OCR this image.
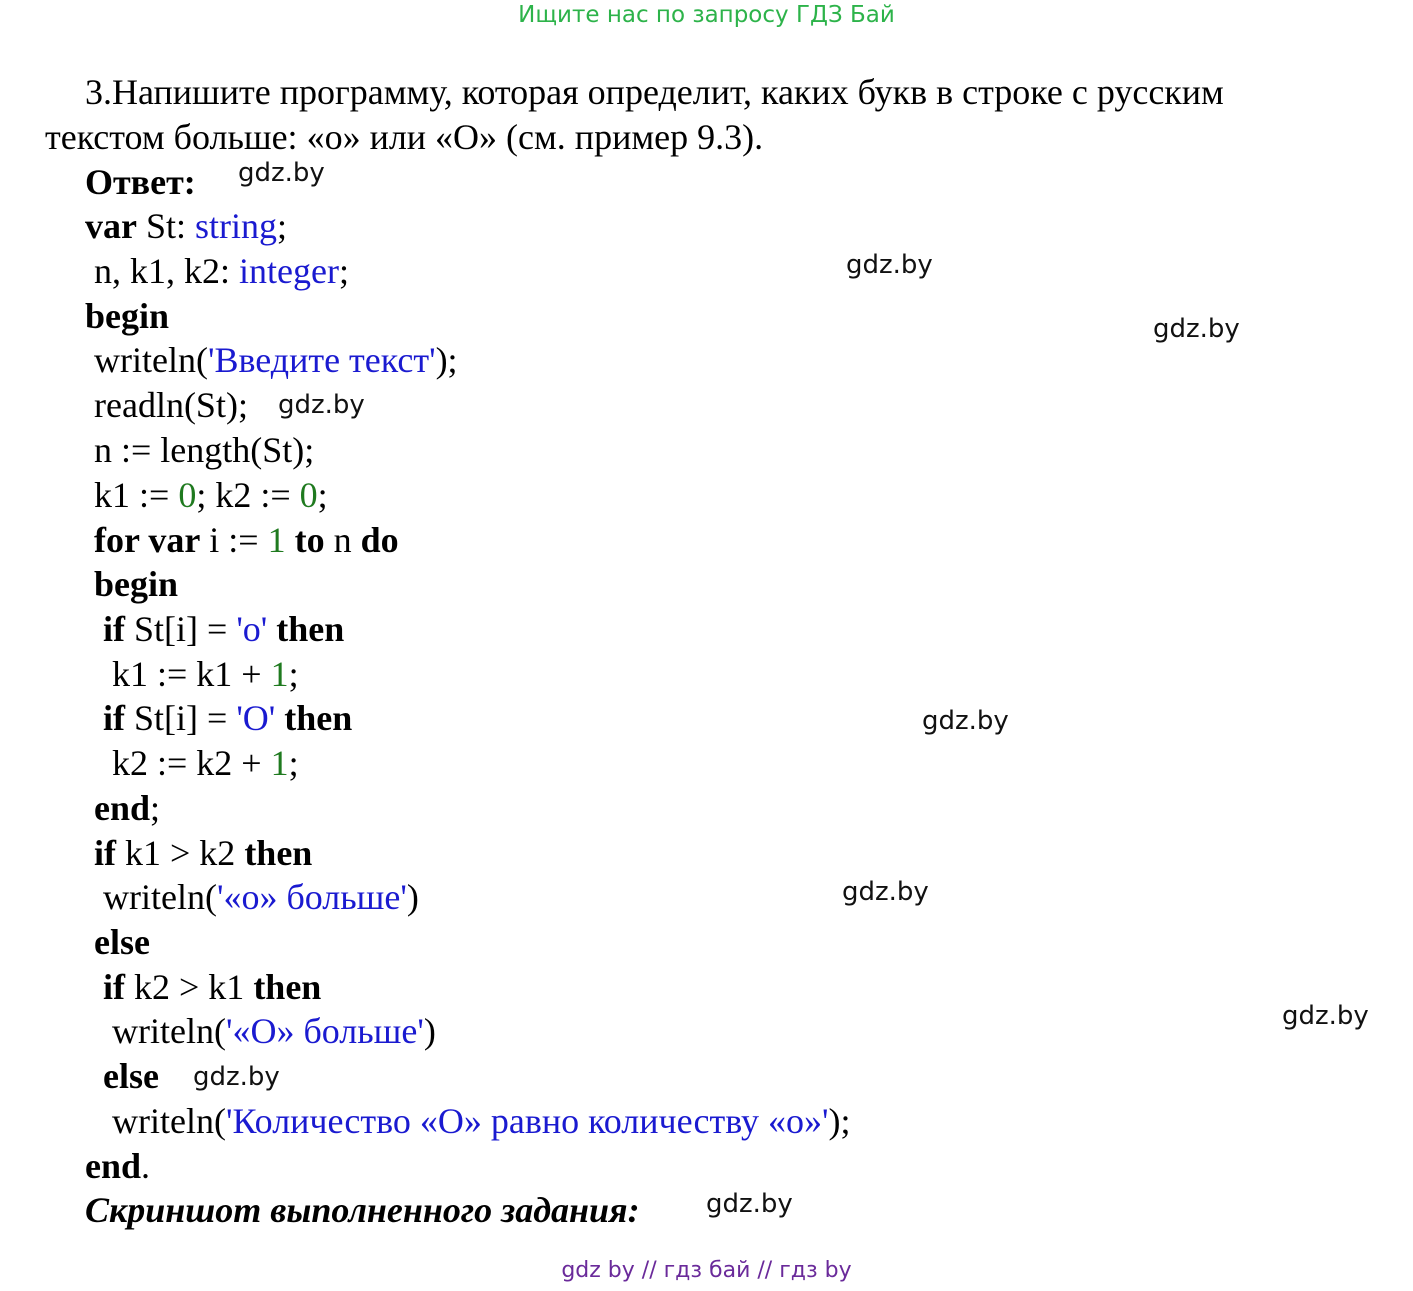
Ищите нас по запросу ГДЗ Бай
3.Напишите программу, которая определит, каких букв в строке с русским
текстом больше: «о» или «О» (см. пример 9.3).
Ответ:
var St: string;
n, k1, k2: integer;
begin
writeln('Введите текст');
readln(St);
n := length(St);
k1 := 0; k2 := 0;
for var i := 1 to n do
begin
if St[i] = 'о' then
k1 := k1 + 1;
if St[i] = 'О' then
k2 := k2 + 1;
end;
if k1 > k2 then
writeln('«о» больше')
else
if k2 > k1 then
writeln('«О» больше')
else
writeln('Количество «О» равно количеству «о»');
end.
Скриншот выполненного задания:
gdz.by
gdz.by
gdz.by
gdz.by
gdz.by
gdz.by
gdz.by
gdz.by
gdz.by
gdz by // гдз бай // гдз by
